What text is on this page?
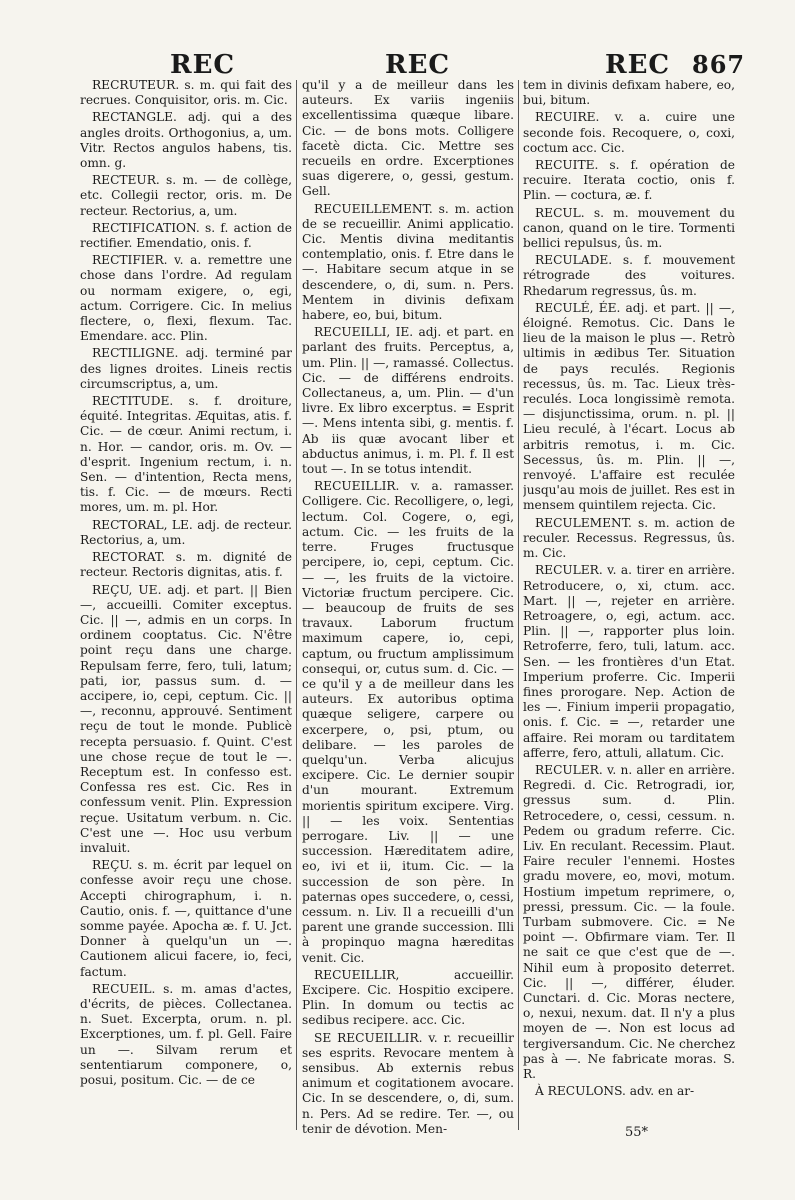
REC	REC	REC 867

RECRUTEUR. s. m. qui fait des recrues. Conquisitor, oris. m. Cic.

RECTANGLE. adj. qui a des angles droits. Orthogonius, a, um. Vitr. Rectos angulos habens, tis. omn. g.

RECTEUR. s. m. — de collège, etc. Collegii rector, oris. m. De recteur. Rectorius, a, um.

RECTIFICATION. s. f. action de rectifier. Emendatio, onis. f.

RECTIFIER. v. a. remettre une chose dans l'ordre. Ad regulam ou normam exigere, o, egi, actum. Corrigere. Cic. In melius flectere, o, flexi, flexum. Tac. Emendare. acc. Plin.

RECTILIGNE. adj. terminé par des lignes droites. Lineis rectis circumscriptus, a, um.

RECTITUDE. s. f. droiture, équité. Integritas. Æquitas, atis. f. Cic. — de cœur. Animi rectum, i. n. Hor. — candor, oris. m. Ov. — d'esprit. Ingenium rectum, i. n. Sen. — d'intention, Recta mens, tis. f. Cic. — de mœurs. Recti mores, um. m. pl. Hor.

RECTORAL, LE. adj. de recteur. Rectorius, a, um.

RECTORAT. s. m. dignité de recteur. Rectoris dignitas, atis. f.

REÇU, UE. adj. et part. || Bien —, accueilli. Comiter exceptus. Cic. || —, admis en un corps. In ordinem cooptatus. Cic. N'être point reçu dans une charge. Repulsam ferre, fero, tuli, latum; pati, ior, passus sum. d. — accipere, io, cepi, ceptum. Cic. || —, reconnu, approuvé. Sentiment reçu de tout le monde. Publicè recepta persuasio. f. Quint. C'est une chose reçue de tout le —. Receptum est. In confesso est. Confessa res est. Cic. Res in confessum venit. Plin. Expression reçue. Usitatum verbum. n. Cic. C'est une —. Hoc usu verbum invaluit.

REÇU. s. m. écrit par lequel on confesse avoir reçu une chose. Accepti chirographum, i. n. Cautio, onis. f. —, quittance d'une somme payée. Apocha æ. f. U. Jct. Donner à quelqu'un un —. Cautionem alicui facere, io, feci, factum.

RECUEIL. s. m. amas d'actes, d'écrits, de pièces. Collectanea. n. Suet. Excerpta, orum. n. pl. Excerptiones, um. f. pl. Gell. Faire un —. Silvam rerum et sententiarum componere, o, posui, positum. Cic. — de ce

qu'il y a de meilleur dans les auteurs. Ex variis ingeniis excellentissima quæque libare. Cic. — de bons mots. Colligere facetè dicta. Cic. Mettre ses recueils en ordre. Excerptiones suas digerere, o, gessi, gestum. Gell.

RECUEILLEMENT. s. m. action de se recueillir. Animi applicatio. Cic. Mentis divina meditantis contemplatio, onis. f. Etre dans le —. Habitare secum atque in se descendere, o, di, sum. n. Pers. Mentem in divinis defixam habere, eo, bui, bitum.

RECUEILLI, IE. adj. et part. en parlant des fruits. Perceptus, a, um. Plin. || —, ramassé. Collectus. Cic. — de différens endroits. Collectaneus, a, um. Plin. — d'un livre. Ex libro excerptus. = Esprit —. Mens intenta sibi, g. mentis. f. Ab iis quæ avocant liber et abductus animus, i. m. Pl. f. Il est tout —. In se totus intendit.

RECUEILLIR. v. a. ramasser. Colligere. Cic. Recolligere, o, legi, lectum. Col. Cogere, o, egi, actum. Cic. — les fruits de la terre. Fruges fructusque percipere, io, cepi, ceptum. Cic. — —, les fruits de la victoire. Victoriæ fructum percipere. Cic. — beaucoup de fruits de ses travaux. Laborum fructum maximum capere, io, cepi, captum, ou fructum amplissimum consequi, or, cutus sum. d. Cic. — ce qu'il y a de meilleur dans les auteurs. Ex autoribus optima quæque seligere, carpere ou excerpere, o, psi, ptum, ou delibare. — les paroles de quelqu'un. Verba alicujus excipere. Cic. Le dernier soupir d'un mourant. Extremum morientis spiritum excipere. Virg. || — les voix. Sententias perrogare. Liv. || — une succession. Hæreditatem adire, eo, ivi et ii, itum. Cic. — la succession de son père. In paternas opes succedere, o, cessi, cessum. n. Liv. Il a recueilli d'un parent une grande succession. Illi à propinquo magna hæreditas venit. Cic.

RECUEILLIR, accueillir. Excipere. Cic. Hospitio excipere. Plin. In domum ou tectis ac sedibus recipere. acc. Cic.

SE RECUEILLIR. v. r. recueillir ses esprits. Revocare mentem à sensibus. Ab externis rebus animum et cogitationem avocare. Cic. In se descendere, o, di, sum. n. Pers. Ad se redire. Ter. —, ou tenir de dévotion. Men-

tem in divinis defixam habere, eo, bui, bitum.

RECUIRE. v. a. cuire une seconde fois. Recoquere, o, coxi, coctum acc. Cic.

RECUITE. s. f. opération de recuire. Iterata coctio, onis f. Plin. — coctura, æ. f.

RECUL. s. m. mouvement du canon, quand on le tire. Tormenti bellici repulsus, ûs. m.

RECULADE. s. f. mouvement rétrograde des voitures. Rhedarum regressus, ûs. m.

RECULÉ, ÉE. adj. et part. || —, éloigné. Remotus. Cic. Dans le lieu de la maison le plus —. Retrò ultimis in ædibus Ter. Situation de pays reculés. Regionis recessus, ûs. m. Tac. Lieux très-reculés. Loca longissimè remota. — disjunctissima, orum. n. pl. || Lieu reculé, à l'écart. Locus ab arbitris remotus, i. m. Cic. Secessus, ûs. m. Plin. || —, renvoyé. L'affaire est reculée jusqu'au mois de juillet. Res est in mensem quintilem rejecta. Cic.

RECULEMENT. s. m. action de reculer. Recessus. Regressus, ûs. m. Cic.

RECULER. v. a. tirer en arrière. Retroducere, o, xi, ctum. acc. Mart. || —, rejeter en arrière. Retroagere, o, egi, actum. acc. Plin. || —, rapporter plus loin. Retroferre, fero, tuli, latum. acc. Sen. — les frontières d'un Etat. Imperium proferre. Cic. Imperii fines prorogare. Nep. Action de les —. Finium imperii propagatio, onis. f. Cic. = —, retarder une affaire. Rei moram ou tarditatem afferre, fero, attuli, allatum. Cic.

RECULER. v. n. aller en arrière. Regredi. d. Cic. Retrogradi, ior, gressus sum. d. Plin. Retrocedere, o, cessi, cessum. n. Pedem ou gradum referre. Cic. Liv. En reculant. Recessim. Plaut. Faire reculer l'ennemi. Hostes gradu movere, eo, movi, motum. Hostium impetum reprimere, o, pressi, pressum. Cic. — la foule. Turbam submovere. Cic. = Ne point —. Obfirmare viam. Ter. Il ne sait ce que c'est que de —. Nihil eum à proposito deterret. Cic. || —, différer, éluder. Cunctari. d. Cic. Moras nectere, o, nexui, nexum. dat. Il n'y a plus moyen de —. Non est locus ad tergiversandum. Cic. Ne cherchez pas à —. Ne fabricate moras. S. R.

À RECULONS. adv. en ar-

55*
